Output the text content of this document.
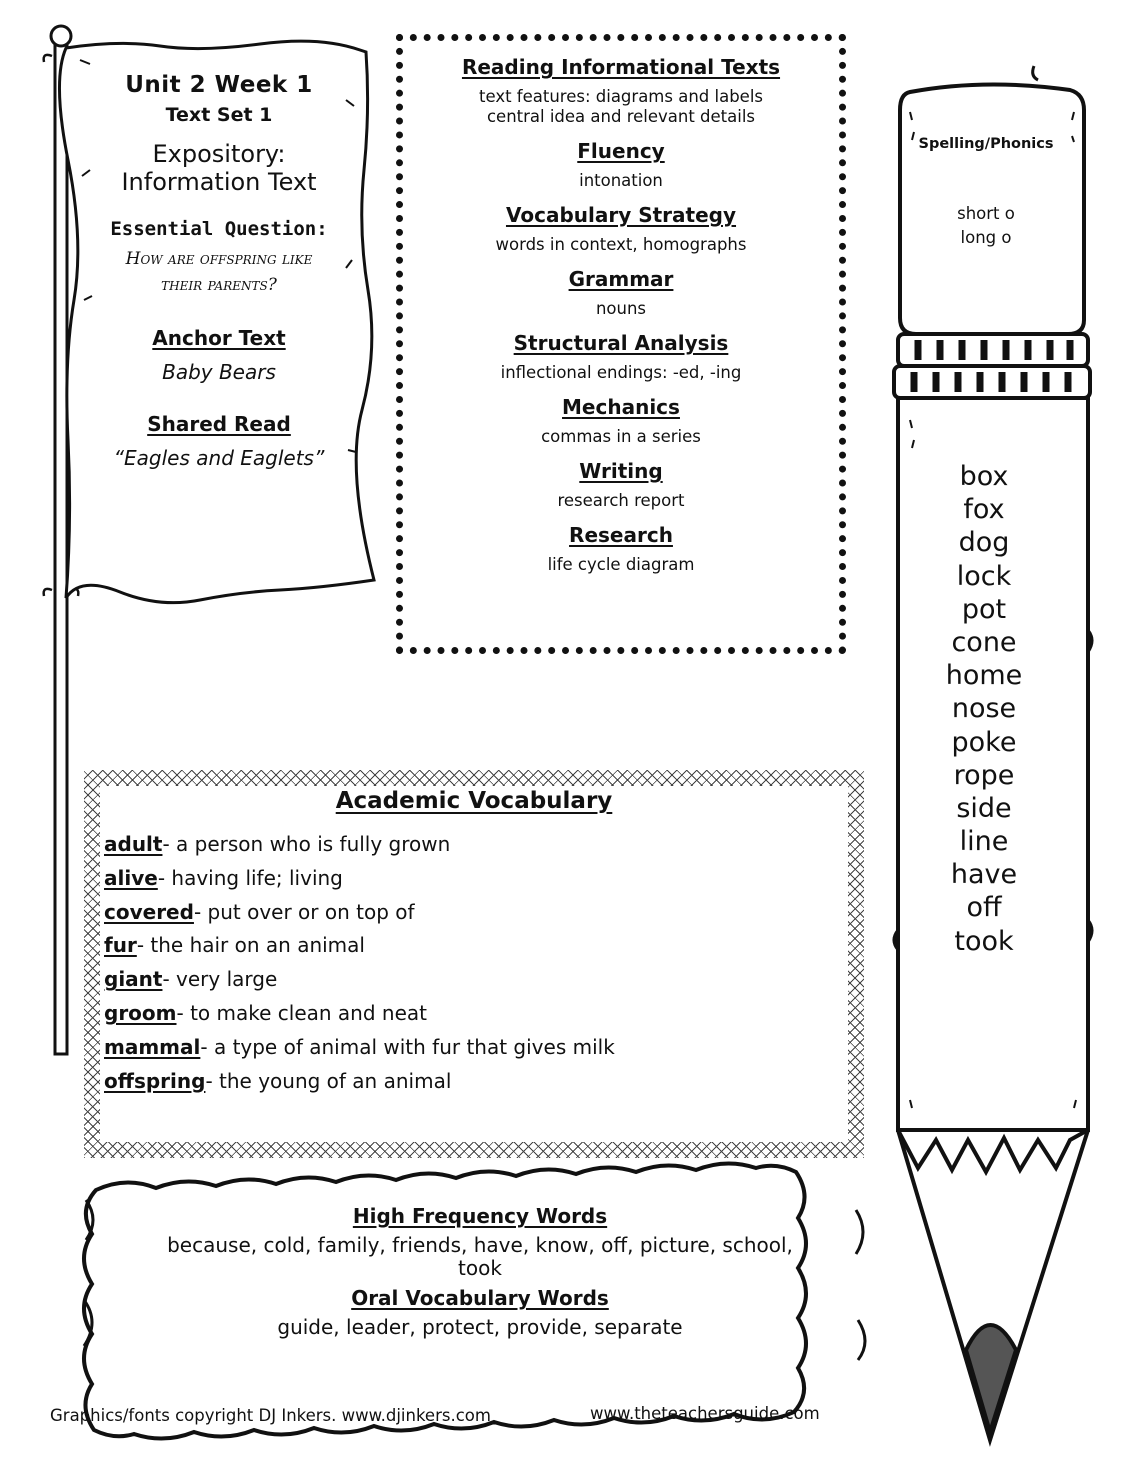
Unit 2 Week 1
Text Set 1
Expository:
Information Text
Essential Question:
How are offspring like
their parents?
Anchor Text
Baby Bears
Shared Read
“Eagles and Eaglets”
Reading Informational Texts
text features: diagrams and labels
central idea and relevant details
Fluency
intonation
Vocabulary Strategy
words in context, homographs
Grammar
nouns
Structural Analysis
inflectional endings: -ed, -ing
Mechanics
commas in a series
Writing
research report
Research
life cycle diagram
Academic Vocabulary
adult- a person who is fully grown
alive- having life; living
covered- put over or on top of
fur- the hair on an animal
giant- very large
groom- to make clean and neat
mammal- a type of animal with fur that gives milk
offspring- the young of an animal
High Frequency Words
because, cold, family, friends, have, know, off, picture, school,
took
Oral Vocabulary Words
guide, leader, protect, provide, separate
Graphics/fonts copyright DJ Inkers. www.djinkers.com	www.theteachersguide.com
Spelling/Phonics
short o
long o
box
fox
dog
lock
pot
cone
home
nose
poke
rope
side
line
have
off
took
